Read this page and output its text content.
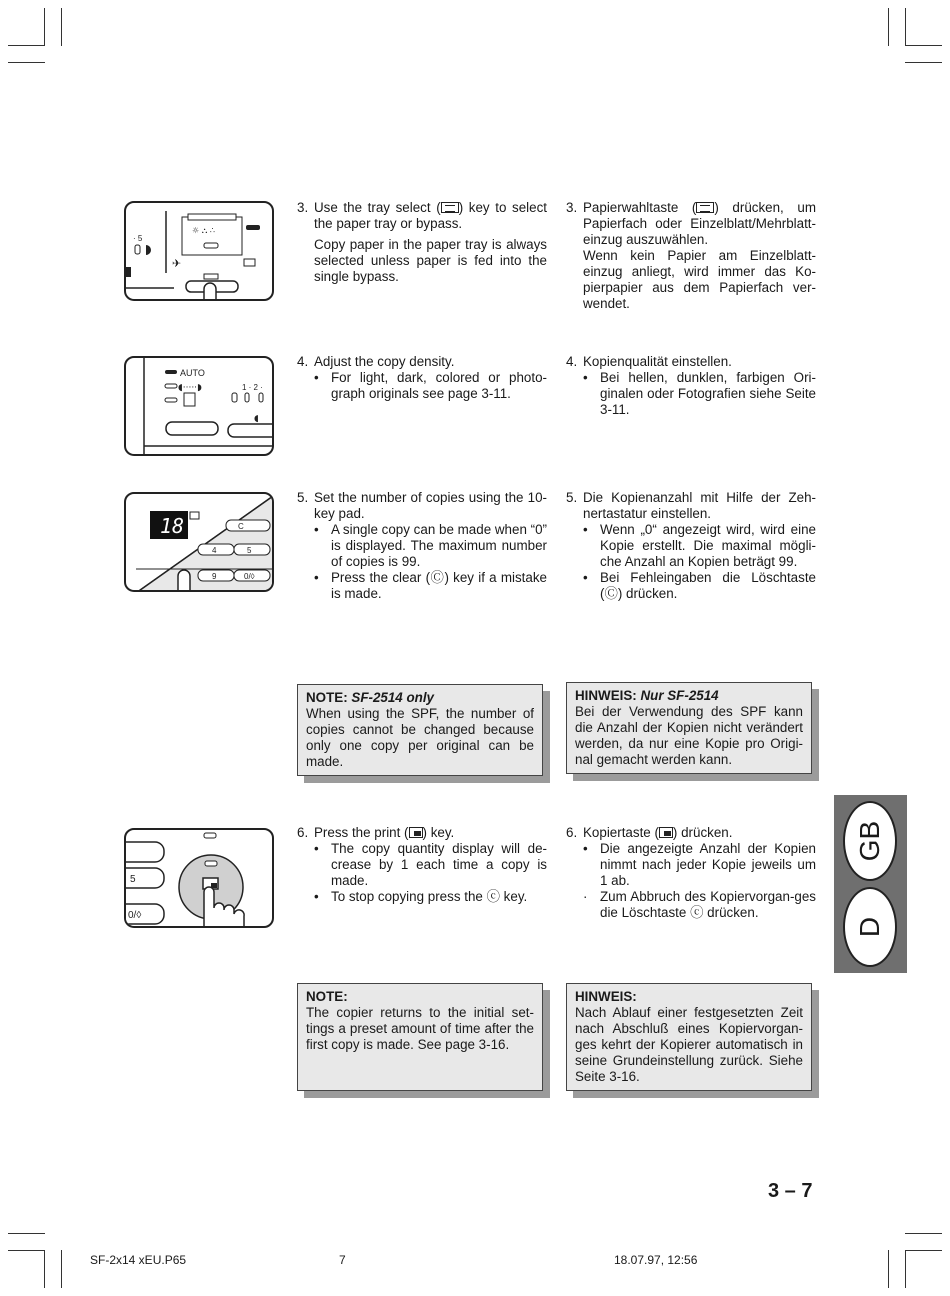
· 5
☼ ⛬ ∴
✈
AUTO
◖·····◗	1 · 2 ·
◖
18	C
4	5
9	0/◊
5
0/◊
3. Use the tray select ( ) key to select the paper tray or bypass.

Copy paper in the paper tray is always selected unless paper is fed into the single bypass.

3. Papierwahltaste ( ) drücken, um Papierfach oder Einzelblatt/Mehrblatt-einzug auszuwählen.

Wenn kein Papier am Einzelblatt-einzug anliegt, wird immer das Ko-pierpapier aus dem Papierfach ver-wendet.

4. Adjust the copy density.
• For light, dark, colored or photo-graph originals see page 3-11.
4. Kopienqualität einstellen.
• Bei hellen, dunklen, farbigen Ori-ginalen oder Fotografien siehe Seite 3-11.
5. Set the number of copies using the 10-key pad.
• A single copy can be made when “0” is displayed. The maximum number of copies is 99.
• Press the clear (Ⓒ) key if a mistake is made.
5. Die Kopienanzahl mit Hilfe der Zeh-nertastatur einstellen.
• Wenn „0“ angezeigt wird, wird eine Kopie erstellt. Die maximal mögli-che Anzahl an Kopien beträgt 99.
• Bei Fehleingaben die Löschtaste (Ⓒ) drücken.
NOTE: SF-2514 only
When using the SPF, the number of copies cannot be changed because only one copy per original can be made.
HINWEIS: Nur SF-2514
Bei der Verwendung des SPF kann die Anzahl der Kopien nicht verändert werden, da nur eine Kopie pro Origi-nal gemacht werden kann.
6. Press the print ( ) key.
• The copy quantity display will de-crease by 1 each time a copy is made.
• To stop copying press the ⓒ key.
6. Kopiertaste ( ) drücken.
• Die angezeigte Anzahl der Kopien nimmt nach jeder Kopie jeweils um 1 ab.
· Zum Abbruch des Kopiervorgan-ges die Löschtaste ⓒ drücken.
NOTE:
The copier returns to the initial set-tings a preset amount of time after the first copy is made. See page 3-16.
HINWEIS:
Nach Ablauf einer festgesetzten Zeit nach Abschluß eines Kopiervorgan-ges kehrt der Kopierer automatisch in seine Grundeinstellung zurück. Siehe Seite 3-16.
GB
D
3 – 7
SF-2x14 xEU.P65	7	18.07.97, 12:56
